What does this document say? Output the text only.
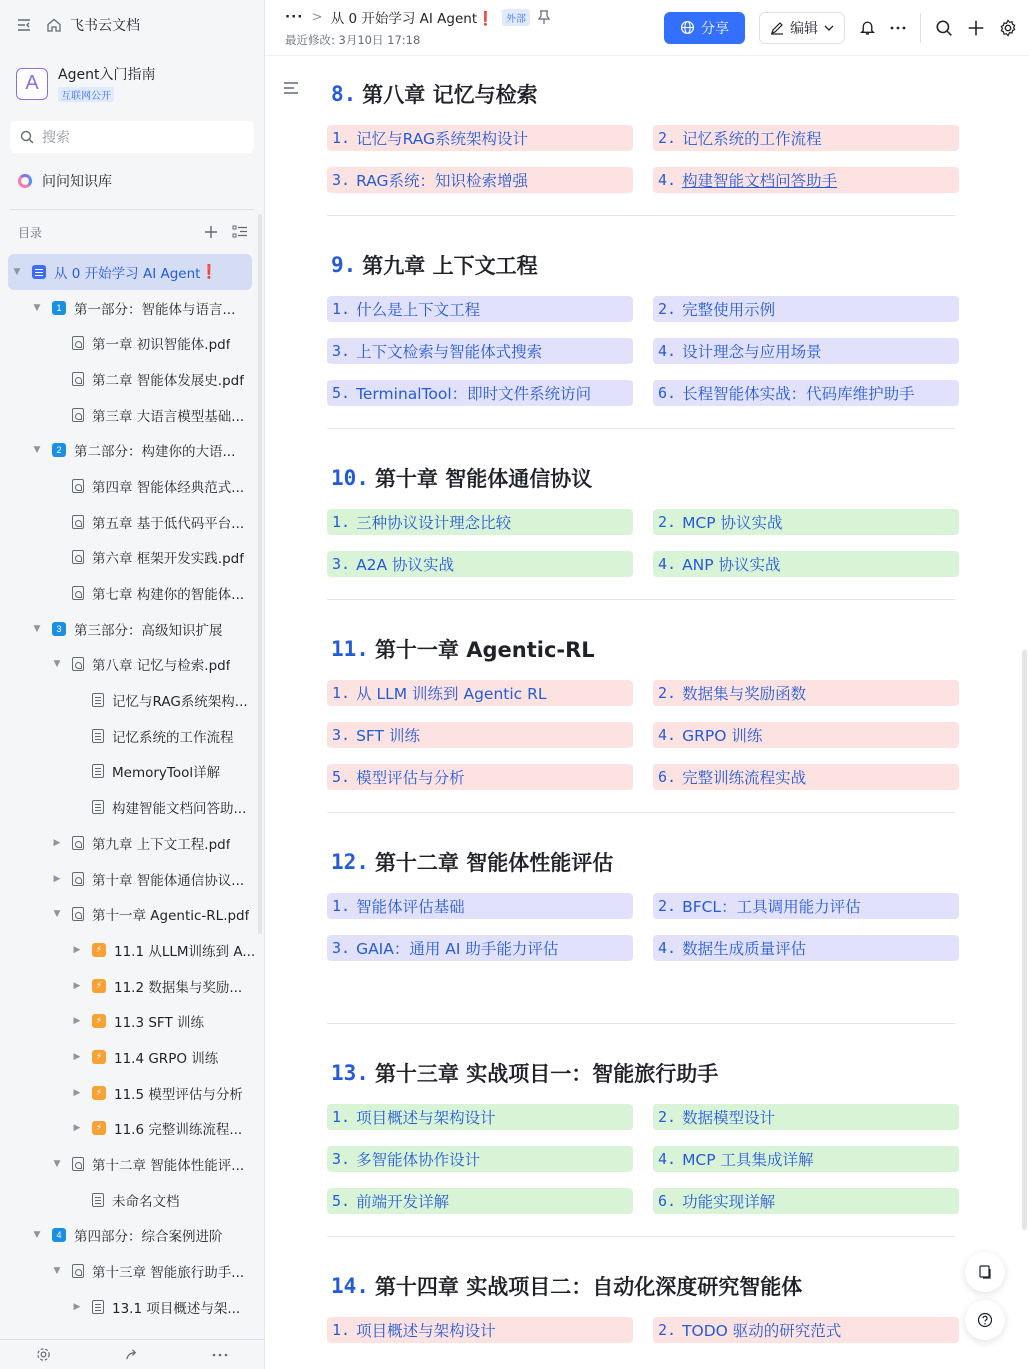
飞书云文档
A	Agent入门指南
互联网公开
搜索
问问知识库
目录
▼ 从 0 开始学习 AI Agent ❗
▼	1 第一部分：智能体与语言...
第一章 初识智能体.pdf
第二章 智能体发展史.pdf
第三章 大语言模型基础...
▼	2 第二部分：构建你的大语...
第四章 智能体经典范式...
第五章 基于低代码平台...
第六章 框架开发实践.pdf
第七章 构建你的智能体...
▼	3 第三部分：高级知识扩展
▼ 第八章 记忆与检索.pdf
记忆与RAG系统架构...
记忆系统的工作流程
MemoryTool详解
构建智能文档问答助...
▶ 第九章 上下文工程.pdf
▶ 第十章 智能体通信协议...
▼ 第十一章 Agentic-RL.pdf
▶	⚡ 11.1 从LLM训练到 A...
▶	⚡ 11.2 数据集与奖励...
▶	⚡ 11.3 SFT 训练
▶	⚡ 11.4 GRPO 训练
▶	⚡ 11.5 模型评估与分析
▶	⚡ 11.6 完整训练流程...
▼ 第十二章 智能体性能评...
未命名文档
▼	4 第四部分：综合案例进阶
▼ 第十三章 智能旅行助手...
▶ 13.1 项目概述与架...
··· > 从 0 开始学习 AI Agent❗	外部
最近修改: 3月10日 17:18
分享	编辑
8. 第八章 记忆与检索
1. 记忆与RAG系统架构设计	2. 记忆系统的工作流程
3. RAG系统：知识检索增强	4. 构建智能文档问答助手
9. 第九章 上下文工程
1. 什么是上下文工程	2. 完整使用示例
3. 上下文检索与智能体式搜索	4. 设计理念与应用场景
5. TerminalTool：即时文件系统访问	6. 长程智能体实战：代码库维护助手
10. 第十章 智能体通信协议
1. 三种协议设计理念比较	2. MCP 协议实战
3. A2A 协议实战	4. ANP 协议实战
11. 第十一章 Agentic-RL
1. 从 LLM 训练到 Agentic RL	2. 数据集与奖励函数
3. SFT 训练	4. GRPO 训练
5. 模型评估与分析	6. 完整训练流程实战
12. 第十二章 智能体性能评估
1. 智能体评估基础	2. BFCL：工具调用能力评估
3. GAIA：通用 AI 助手能力评估	4. 数据生成质量评估
13. 第十三章 实战项目一：智能旅行助手
1. 项目概述与架构设计	2. 数据模型设计
3. 多智能体协作设计	4. MCP 工具集成详解
5. 前端开发详解	6. 功能实现详解
14. 第十四章 实战项目二：自动化深度研究智能体
1. 项目概述与架构设计	2. TODO 驱动的研究范式
